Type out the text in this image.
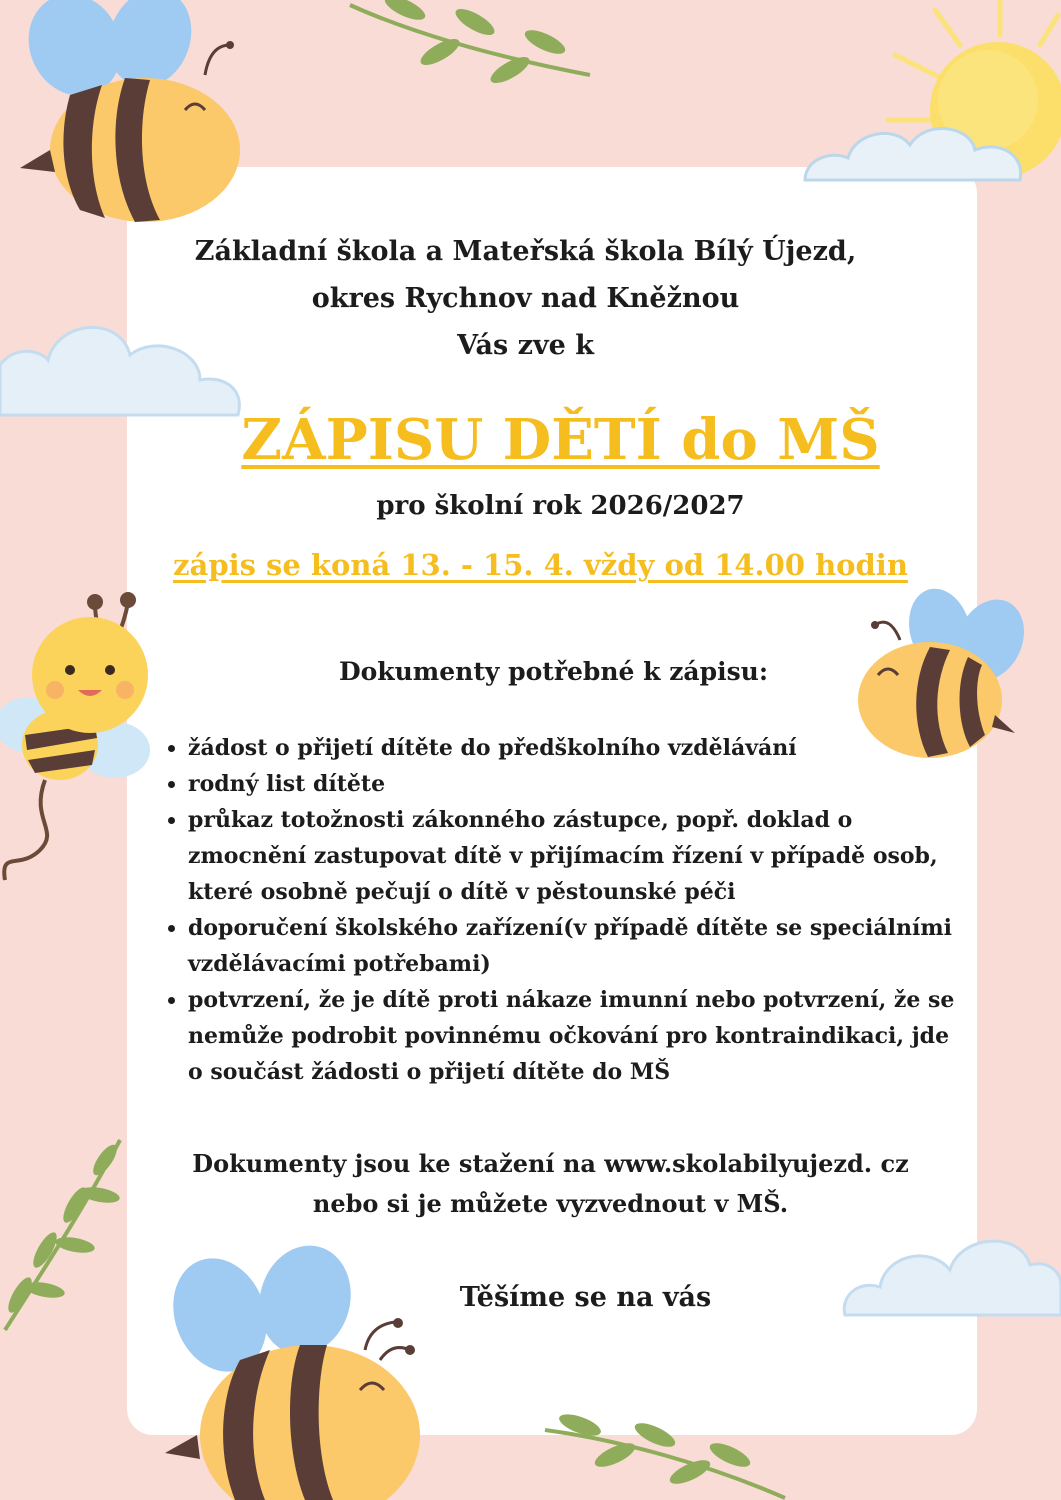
Základní škola a Mateřská škola Bílý Újezd,
okres Rychnov nad Kněžnou
Vás zve k
ZÁPISU DĚTÍ do MŠ

pro školní rok 2026/2027

zápis se koná 13. - 15. 4. vždy od 14.00 hodin

Dokumenty potřebné k zápisu:

žádost o přijetí dítěte do předškolního vzdělávání
rodný list dítěte
průkaz totožnosti zákonného zástupce, popř. doklad o zmocnění zastupovat dítě v přijímacím řízení v případě osob, které osobně pečují o dítě v pěstounské péči
doporučení školského zařízení(v případě dítěte se speciálními vzdělávacími potřebami)
potvrzení, že je dítě proti nákaze imunní nebo potvrzení, že se nemůže podrobit povinnému očkování pro kontraindikaci, jde o součást žádosti o přijetí dítěte do MŠ
Dokumenty jsou ke stažení na www.skolabilyujezd. cz
nebo si je můžete vyzvednout v MŠ.

Těšíme se na vás
